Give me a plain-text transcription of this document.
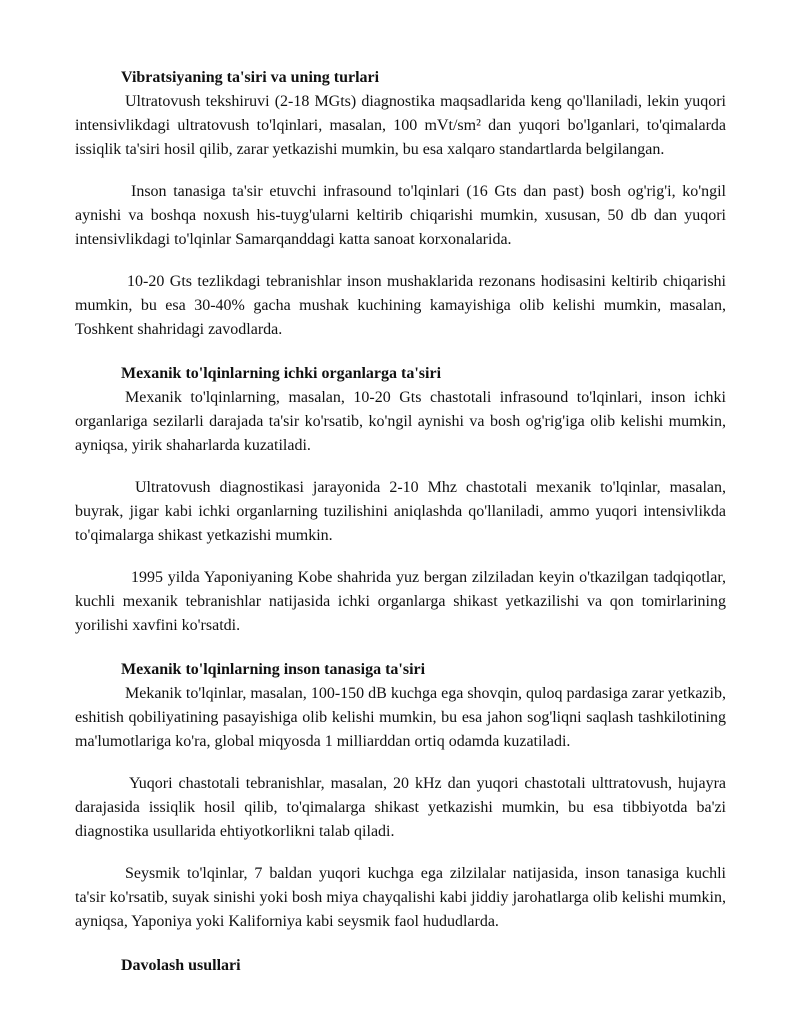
Vibratsiyaning ta'siri va uning turlari

Ultratovush tekshiruvi (2-18 MGts) diagnostika maqsadlarida keng qo'llaniladi, lekin yuqori intensivlikdagi ultratovush to'lqinlari, masalan, 100 mVt/sm² dan yuqori bo'lganlari, to'qimalarda issiqlik ta'siri hosil qilib, zarar yetkazishi mumkin, bu esa xalqaro standartlarda belgilangan.

Inson tanasiga ta'sir etuvchi infrasound to'lqinlari (16 Gts dan past) bosh og'rig'i, ko'ngil aynishi va boshqa noxush his-tuyg'ularni keltirib chiqarishi mumkin, xususan, 50 db dan yuqori intensivlikdagi to'lqinlar Samarqanddagi katta sanoat korxonalarida.

10-20 Gts tezlikdagi tebranishlar inson mushaklarida rezonans hodisasini keltirib chiqarishi mumkin, bu esa 30-40% gacha mushak kuchining kamayishiga olib kelishi mumkin, masalan, Toshkent shahridagi zavodlarda.

Mexanik to'lqinlarning ichki organlarga ta'siri

Mexanik to'lqinlarning, masalan, 10-20 Gts chastotali infrasound to'lqinlari, inson ichki organlariga sezilarli darajada ta'sir ko'rsatib, ko'ngil aynishi va bosh og'rig'iga olib kelishi mumkin, ayniqsa, yirik shaharlarda kuzatiladi.

Ultratovush diagnostikasi jarayonida 2-10 Mhz chastotali mexanik to'lqinlar, masalan, buyrak, jigar kabi ichki organlarning tuzilishini aniqlashda qo'llaniladi, ammo yuqori intensivlikda to'qimalarga shikast yetkazishi mumkin.

1995 yilda Yaponiyaning Kobe shahrida yuz bergan zilziladan keyin o'tkazilgan tadqiqotlar, kuchli mexanik tebranishlar natijasida ichki organlarga shikast yetkazilishi va qon tomirlarining yorilishi xavfini ko'rsatdi.

Mexanik to'lqinlarning inson tanasiga ta'siri

Mekanik to'lqinlar, masalan, 100-150 dB kuchga ega shovqin, quloq pardasiga zarar yetkazib, eshitish qobiliyatining pasayishiga olib kelishi mumkin, bu esa jahon sog'liqni saqlash tashkilotining ma'lumotlariga ko'ra, global miqyosda 1 milliarddan ortiq odamda kuzatiladi.

Yuqori chastotali tebranishlar, masalan, 20 kHz dan yuqori chastotali ulttratovush, hujayra darajasida issiqlik hosil qilib, to'qimalarga shikast yetkazishi mumkin, bu esa tibbiyotda ba'zi diagnostika usullarida ehtiyotkorlikni talab qiladi.

Seysmik to'lqinlar, 7 baldan yuqori kuchga ega zilzilalar natijasida, inson tanasiga kuchli ta'sir ko'rsatib, suyak sinishi yoki bosh miya chayqalishi kabi jiddiy jarohatlarga olib kelishi mumkin, ayniqsa, Yaponiya yoki Kaliforniya kabi seysmik faol hududlarda.

Davolash usullari
